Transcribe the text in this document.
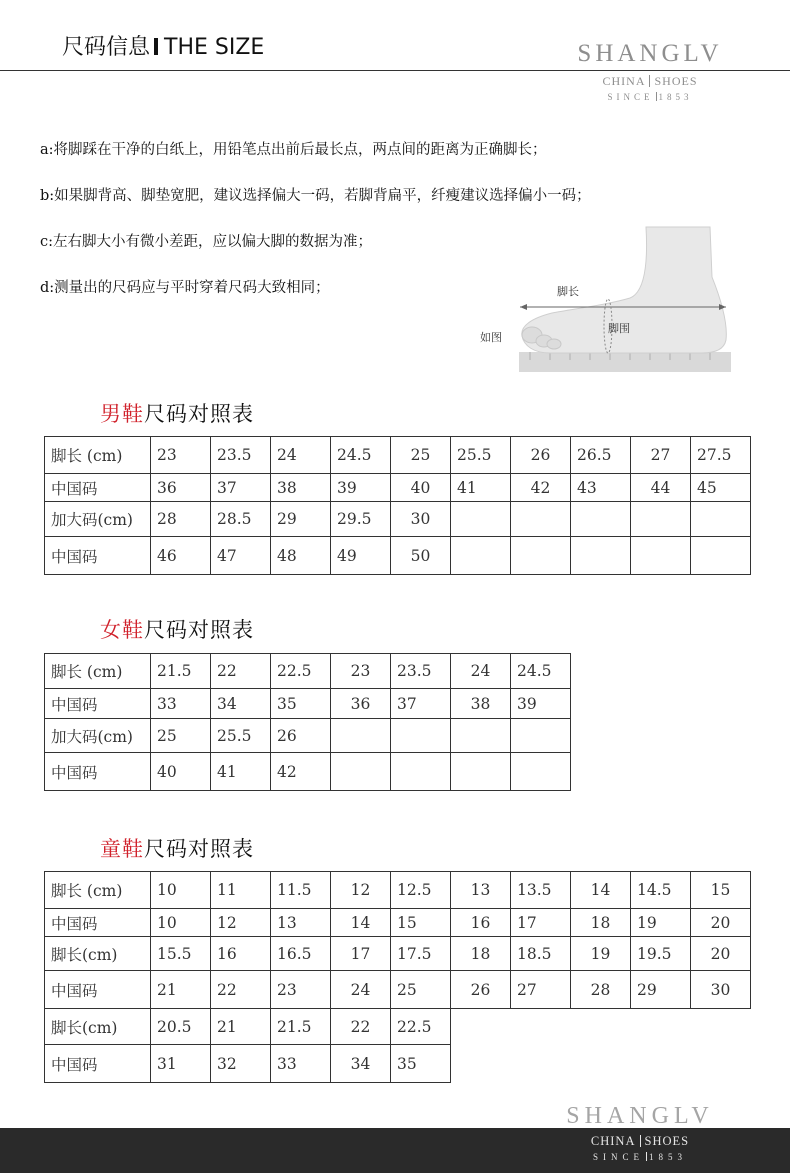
尺码信息 THE SIZE	SHANGLV
CHINA SHOES
SINCE 1853
a:将脚踩在干净的白纸上，用铅笔点出前后最长点，两点间的距离为正确脚长；
b:如果脚背高、脚垫宽肥，建议选择偏大一码，若脚背扁平，纤瘦建议选择偏小一码；
c:左右脚大小有微小差距，应以偏大脚的数据为准；
d:测量出的尺码应与平时穿着尺码大致相同；	脚长
脚围
如图
男鞋尺码对照表
脚长 (cm)	23	23.5	24	24.5	25	25.5	26	26.5	27	27.5
中国码	36	37	38	39	40	41	42	43	44	45
加大码(cm)	28	28.5	29	29.5	30					
中国码	46	47	48	49	50					
女鞋尺码对照表
脚长 (cm)	21.5	22	22.5	23	23.5	24	24.5
中国码	33	34	35	36	37	38	39
加大码(cm)	25	25.5	26				
中国码	40	41	42				
童鞋尺码对照表
脚长 (cm)	10	11	11.5	12	12.5	13	13.5	14	14.5	15
中国码	10	12	13	14	15	16	17	18	19	20
脚长(cm)	15.5	16	16.5	17	17.5	18	18.5	19	19.5	20
中国码	21	22	23	24	25	26	27	28	29	30
脚长(cm)	20.5	21	21.5	22	22.5
中国码	31	32	33	34	35
SHANGLV
CHINA SHOES
SINCE 1853
